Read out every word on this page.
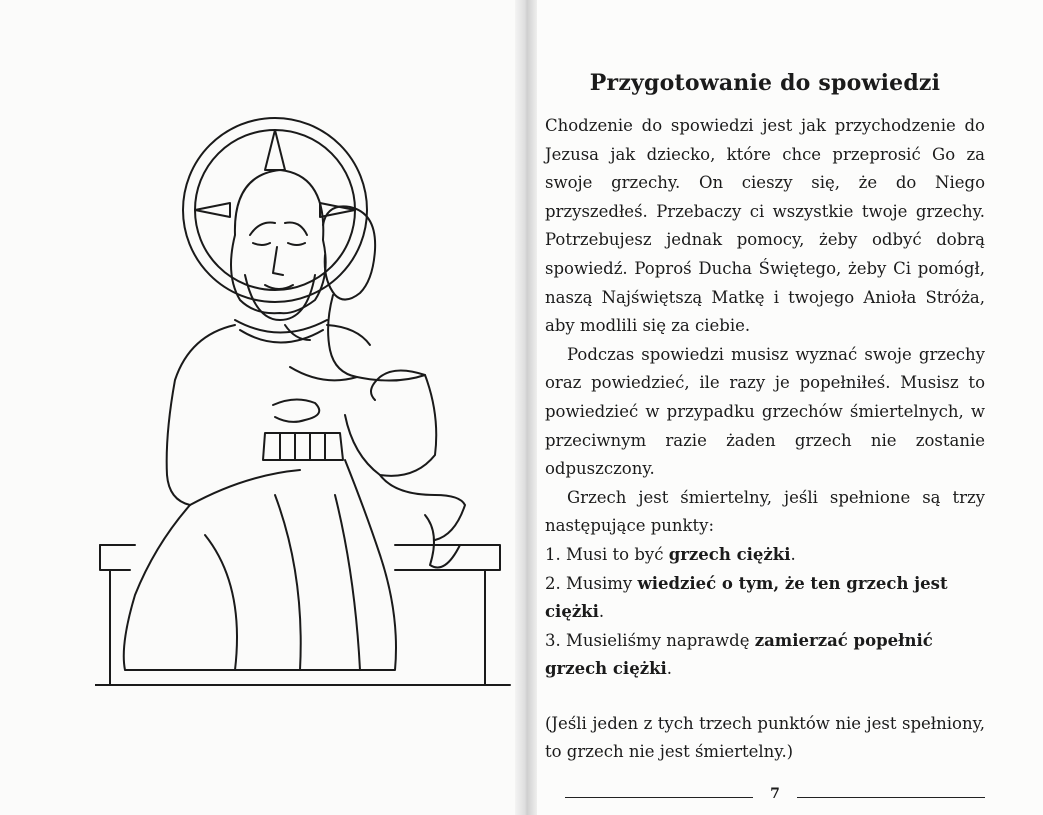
Przygotowanie do spowiedzi

Chodzenie do spowiedzi jest jak przychodzenie do Jezusa jak dziecko, które chce przeprosić Go za swoje grzechy. On cieszy się, że do Niego przyszedłeś. Przebaczy ci wszystkie twoje grzechy. Potrzebujesz jednak pomocy, żeby odbyć dobrą spowiedź. Poproś Ducha Świętego, żeby Ci pomógł, naszą Najświętszą Matkę i twojego Anioła Stróża, aby modlili się za ciebie.

Podczas spowiedzi musisz wyznać swoje grzechy oraz powiedzieć, ile razy je popełniłeś. Musisz to powiedzieć w przypadku grzechów śmiertelnych, w przeciwnym razie żaden grzech nie zostanie odpuszczony.

Grzech jest śmiertelny, jeśli spełnione są trzy następujące punkty:

1. Musi to być grzech ciężki.
2. Musimy wiedzieć o tym, że ten grzech jest ciężki.
3. Musieliśmy naprawdę zamierzać popełnić grzech ciężki.

(Jeśli jeden z tych trzech punktów nie jest spełniony, to grzech nie jest śmiertelny.)

7
